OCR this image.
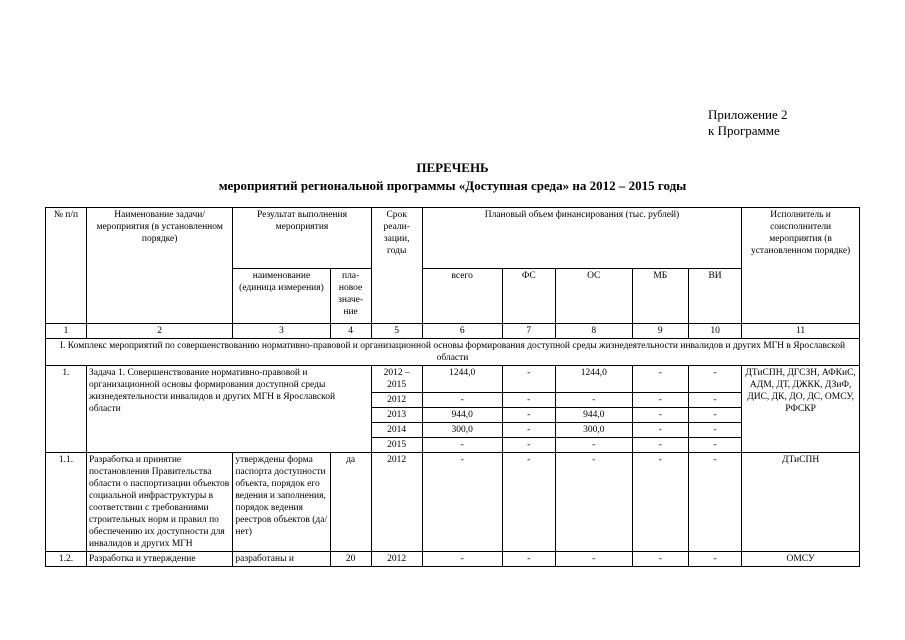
Приложение 2
к Программе
ПЕРЕЧЕНЬ
мероприятий региональной программы «Доступная среда» на 2012 – 2015 годы
№ п/п	Наименование задачи/ мероприятия (в установленном порядке)	Результат выполнения мероприятия		Срок реали-зации, годы	Плановый объем финансирования (тыс. рублей)					Исполнитель и соисполнители мероприятия (в установленном порядке)
		наименование (единица измерения)	пла-новое значе-ние		всего	ФС	ОС	МБ	ВИ	
1	2	3	4	5	6	7	8	9	10	11
I. Комплекс мероприятий по совершенствованию нормативно-правовой и организационной основы формирования доступной среды жизнедеятельности инвалидов и других МГН в Ярославской области										
1.	Задача 1. Совершенствование нормативно-правовой и организационной основы формирования доступной среды жизнедеятельности инвалидов и других МГН в Ярославской области			2012 – 2015	1244,0	-	1244,0	-	-	ДТиСПН, ДГСЗН, АФКиС, АДМ, ДТ, ДЖКК, ДЗиФ, ДИС, ДК, ДО, ДС, ОМСУ, РФСКР
				2012	-	-	-	-	-	
				2013	944,0	-	944,0	-	-	
				2014	300,0	-	300,0	-	-	
				2015	-	-	-	-	-	
1.1.	Разработка и принятие постановления Правительства области о паспортизации объектов социальной инфраструктуры в соответствии с требованиями строительных норм и правил по обеспечению их доступности для инвалидов и других МГН	утверждены форма паспорта доступности объекта, порядок его ведения и заполнения, порядок ведения реестров объектов (да/ нет)	да	2012	-	-	-	-	-	ДТиСПН
1.2.	Разработка и утверждение	разработаны и	20	2012	-	-	-	-	-	ОМСУ
